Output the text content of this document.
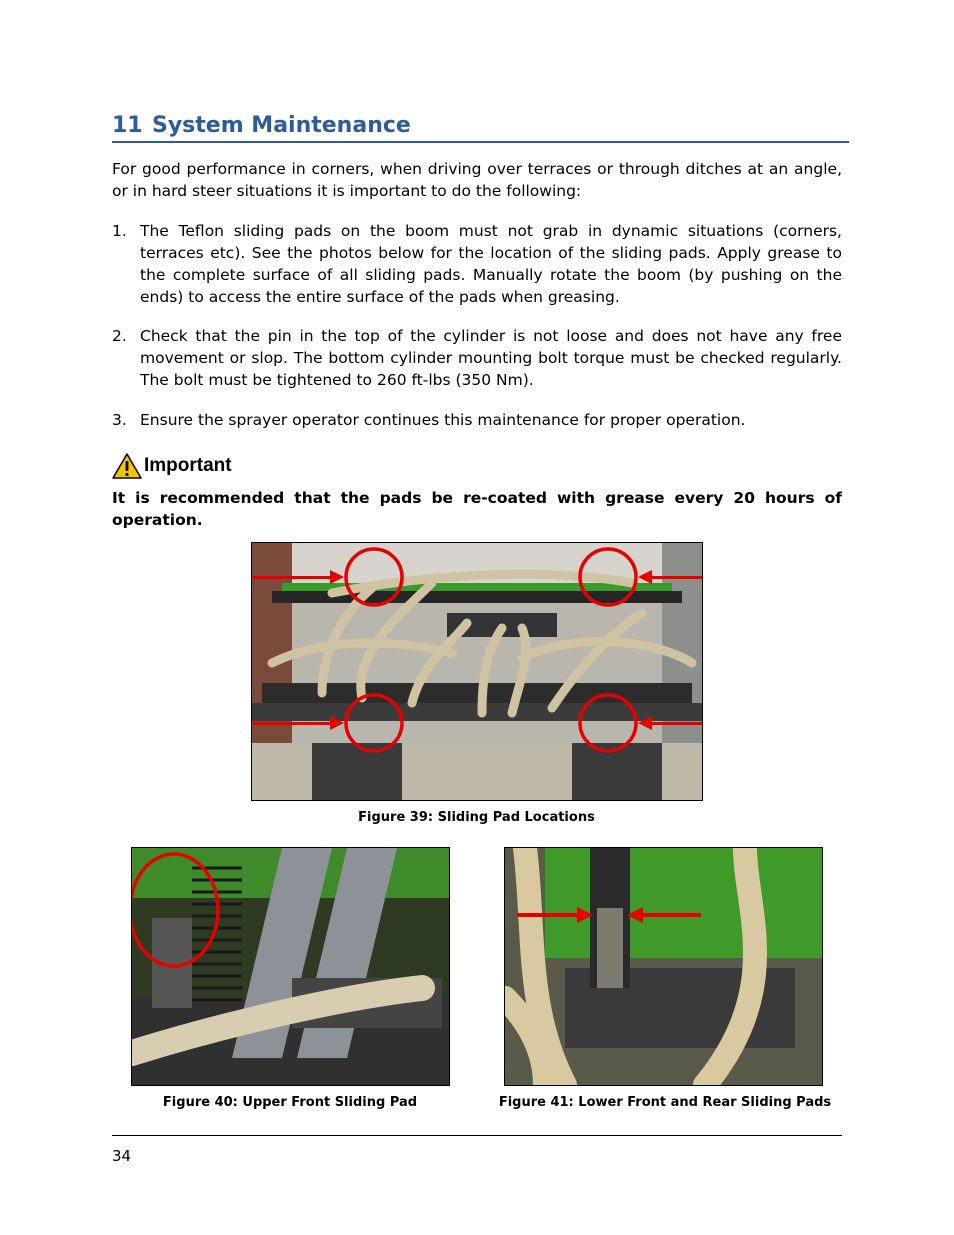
11 System Maintenance
For good performance in corners, when driving over terraces or through ditches at an angle, or in hard steer situations it is important to do the following:
1. The Teflon sliding pads on the boom must not grab in dynamic situations (corners, terraces etc). See the photos below for the location of the sliding pads. Apply grease to the complete surface of all sliding pads. Manually rotate the boom (by pushing on the ends) to access the entire surface of the pads when greasing.
2. Check that the pin in the top of the cylinder is not loose and does not have any free movement or slop. The bottom cylinder mounting bolt torque must be checked regularly. The bolt must be tightened to 260 ft-lbs (350 Nm).
3. Ensure the sprayer operator continues this maintenance for proper operation.
Important
It is recommended that the pads be re-coated with grease every 20 hours of operation.
Figure 39: Sliding Pad Locations
Figure 40: Upper Front Sliding Pad	Figure 41: Lower Front and Rear Sliding Pads
34
